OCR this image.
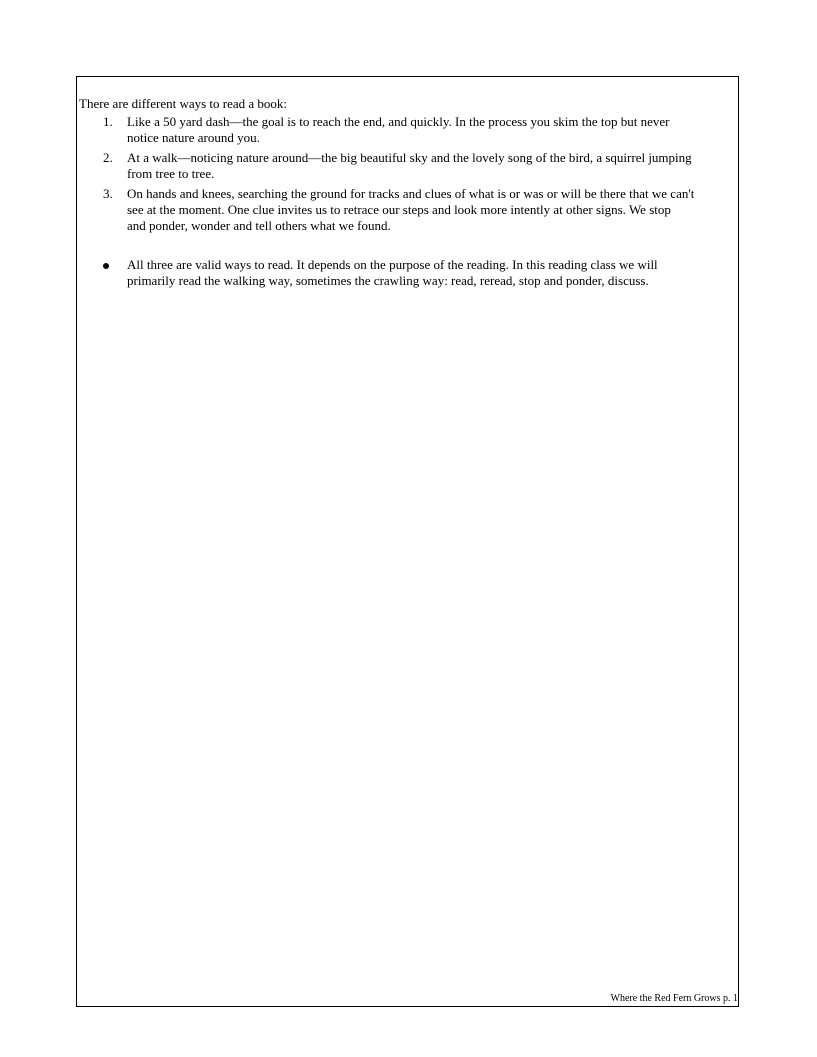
There are different ways to read a book:
1. Like a 50 yard dash—the goal is to reach the end, and quickly. In the process you skim the top but never
notice nature around you.
2. At a walk—noticing nature around—the big beautiful sky and the lovely song of the bird, a squirrel jumping
from tree to tree.
3. On hands and knees, searching the ground for tracks and clues of what is or was or will be there that we can't
see at the moment. One clue invites us to retrace our steps and look more intently at other signs. We stop
and ponder, wonder and tell others what we found.
All three are valid ways to read. It depends on the purpose of the reading. In this reading class we will
primarily read the walking way, sometimes the crawling way: read, reread, stop and ponder, discuss.
Where the Red Fern Grows p. 1
